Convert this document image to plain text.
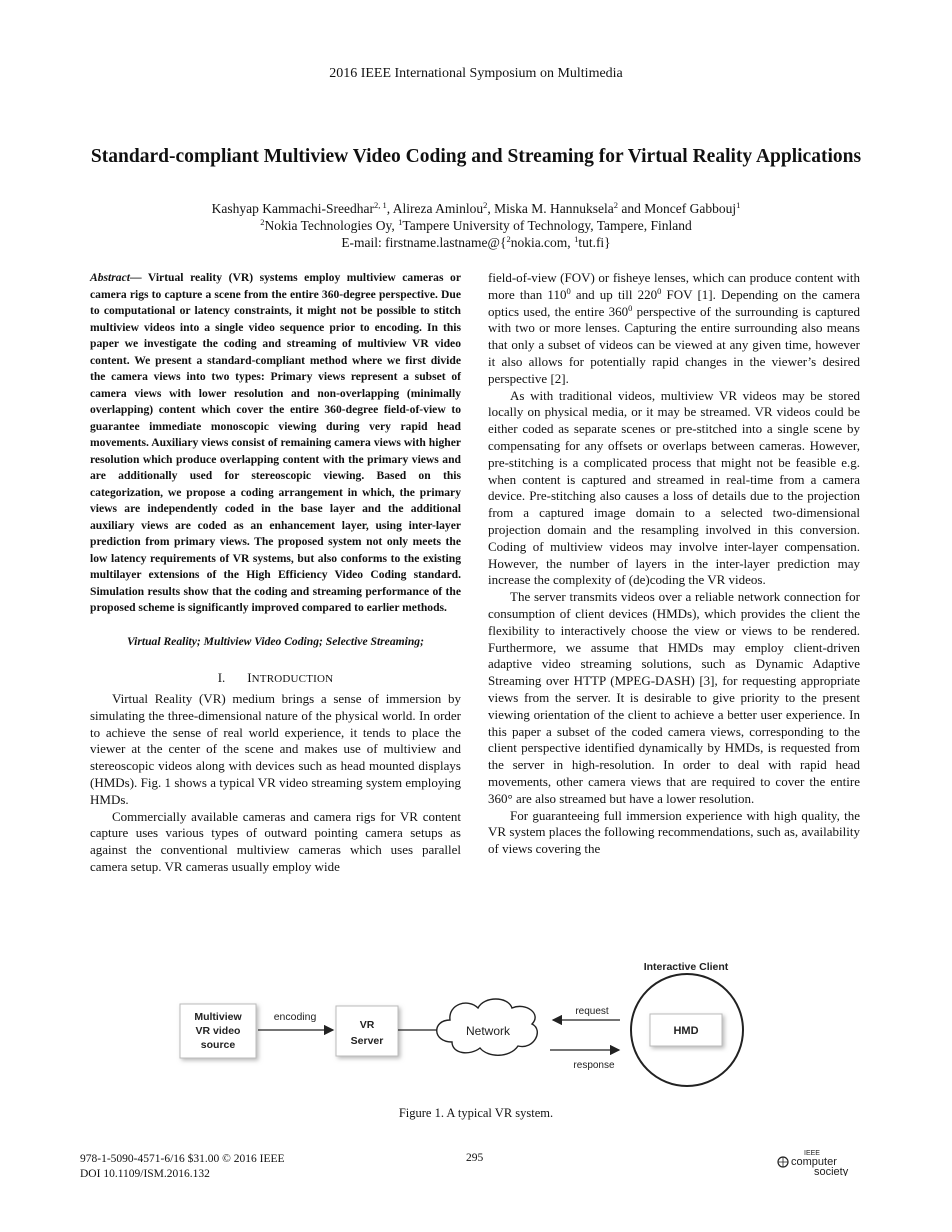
2016 IEEE International Symposium on Multimedia
Standard-compliant Multiview Video Coding and Streaming for Virtual Reality Applications
Kashyap Kammachi-Sreedhar$^{2, 1}$, Alireza Aminlou$^2$, Miska M. Hannuksela$^2$ and Moncef Gabbouj$^1$
$^2$Nokia Technologies Oy, $^1$Tampere University of Technology, Tampere, Finland
E-mail: firstname.lastname@{$^2$nokia.com, $^1$tut.fi}

Abstract— Virtual reality (VR) systems employ multiview cameras or camera rigs to capture a scene from the entire 360-degree perspective. Due to computational or latency constraints, it might not be possible to stitch multiview videos into a single video sequence prior to encoding. In this paper we investigate the coding and streaming of multiview VR video content. We present a standard-compliant method where we first divide the camera views into two types: Primary views represent a subset of camera views with lower resolution and non-overlapping (minimally overlapping) content which cover the entire 360-degree field-of-view to guarantee immediate monoscopic viewing during very rapid head movements. Auxiliary views consist of remaining camera views with higher resolution which produce overlapping content with the primary views and are additionally used for stereoscopic viewing. Based on this categorization, we propose a coding arrangement in which, the primary views are independently coded in the base layer and the additional auxiliary views are coded as an enhancement layer, using inter-layer prediction from primary views. The proposed system not only meets the low latency requirements of VR systems, but also conforms to the existing multilayer extensions of the High Efficiency Video Coding standard. Simulation results show that the coding and streaming performance of the proposed scheme is significantly improved compared to earlier methods.

Virtual Reality; Multiview Video Coding; Selective Streaming;

I. INTRODUCTION

Virtual Reality (VR) medium brings a sense of immersion by simulating the three-dimensional nature of the physical world. In order to achieve the sense of real world experience, it tends to place the viewer at the center of the scene and makes use of multiview and stereoscopic videos along with devices such as head mounted displays (HMDs). Fig. 1 shows a typical VR video streaming system employing HMDs.

Commercially available cameras and camera rigs for VR content capture uses various types of outward pointing camera setups as against the conventional multiview cameras which uses parallel camera setup. VR cameras usually employ wide

field-of-view (FOV) or fisheye lenses, which can produce content with more than $110^0$ and up till $220^0$ FOV [1]. Depending on the camera optics used, the entire $360^0$ perspective of the surrounding is captured with two or more lenses. Capturing the entire surrounding also means that only a subset of videos can be viewed at any given time, however it also allows for potentially rapid changes in the viewer’s desired perspective [2].

As with traditional videos, multiview VR videos may be stored locally on physical media, or it may be streamed. VR videos could be either coded as separate scenes or pre-stitched into a single scene by compensating for any offsets or overlaps between cameras. However, pre-stitching is a complicated process that might not be feasible e.g. when content is captured and streamed in real-time from a camera device. Pre-stitching also causes a loss of details due to the projection from a captured image domain to a selected two-dimensional projection domain and the resampling involved in this conversion. Coding of multiview videos may involve inter-layer compensation. However, the number of layers in the inter-layer prediction may increase the complexity of (de)coding the VR videos.

The server transmits videos over a reliable network connection for consumption of client devices (HMDs), which provides the client the flexibility to interactively choose the view or views to be rendered. Furthermore, we assume that HMDs may employ client-driven adaptive video streaming solutions, such as Dynamic Adaptive Streaming over HTTP (MPEG-DASH) [3], for requesting appropriate views from the server. It is desirable to give priority to the present viewing orientation of the client to achieve a better user experience. In this paper a subset of the coded camera views, corresponding to the client perspective identified dynamically by HMDs, is requested from the server in high-resolution. In order to deal with rapid head movements, other camera views that are required to cover the entire 360° are also streamed but have a lower resolution.

For guaranteeing full immersion experience with high quality, the VR system places the following recommendations, such as, availability of views covering the

Multiview
VR video
source
encoding
VR
Server
Network
request
response
Interactive Client
HMD
Figure 1. A typical VR system.
978-1-5090-4571-6/16 $31.00 © 2016 IEEE
DOI 10.1109/ISM.2016.132
295	IEEE
computer
society
